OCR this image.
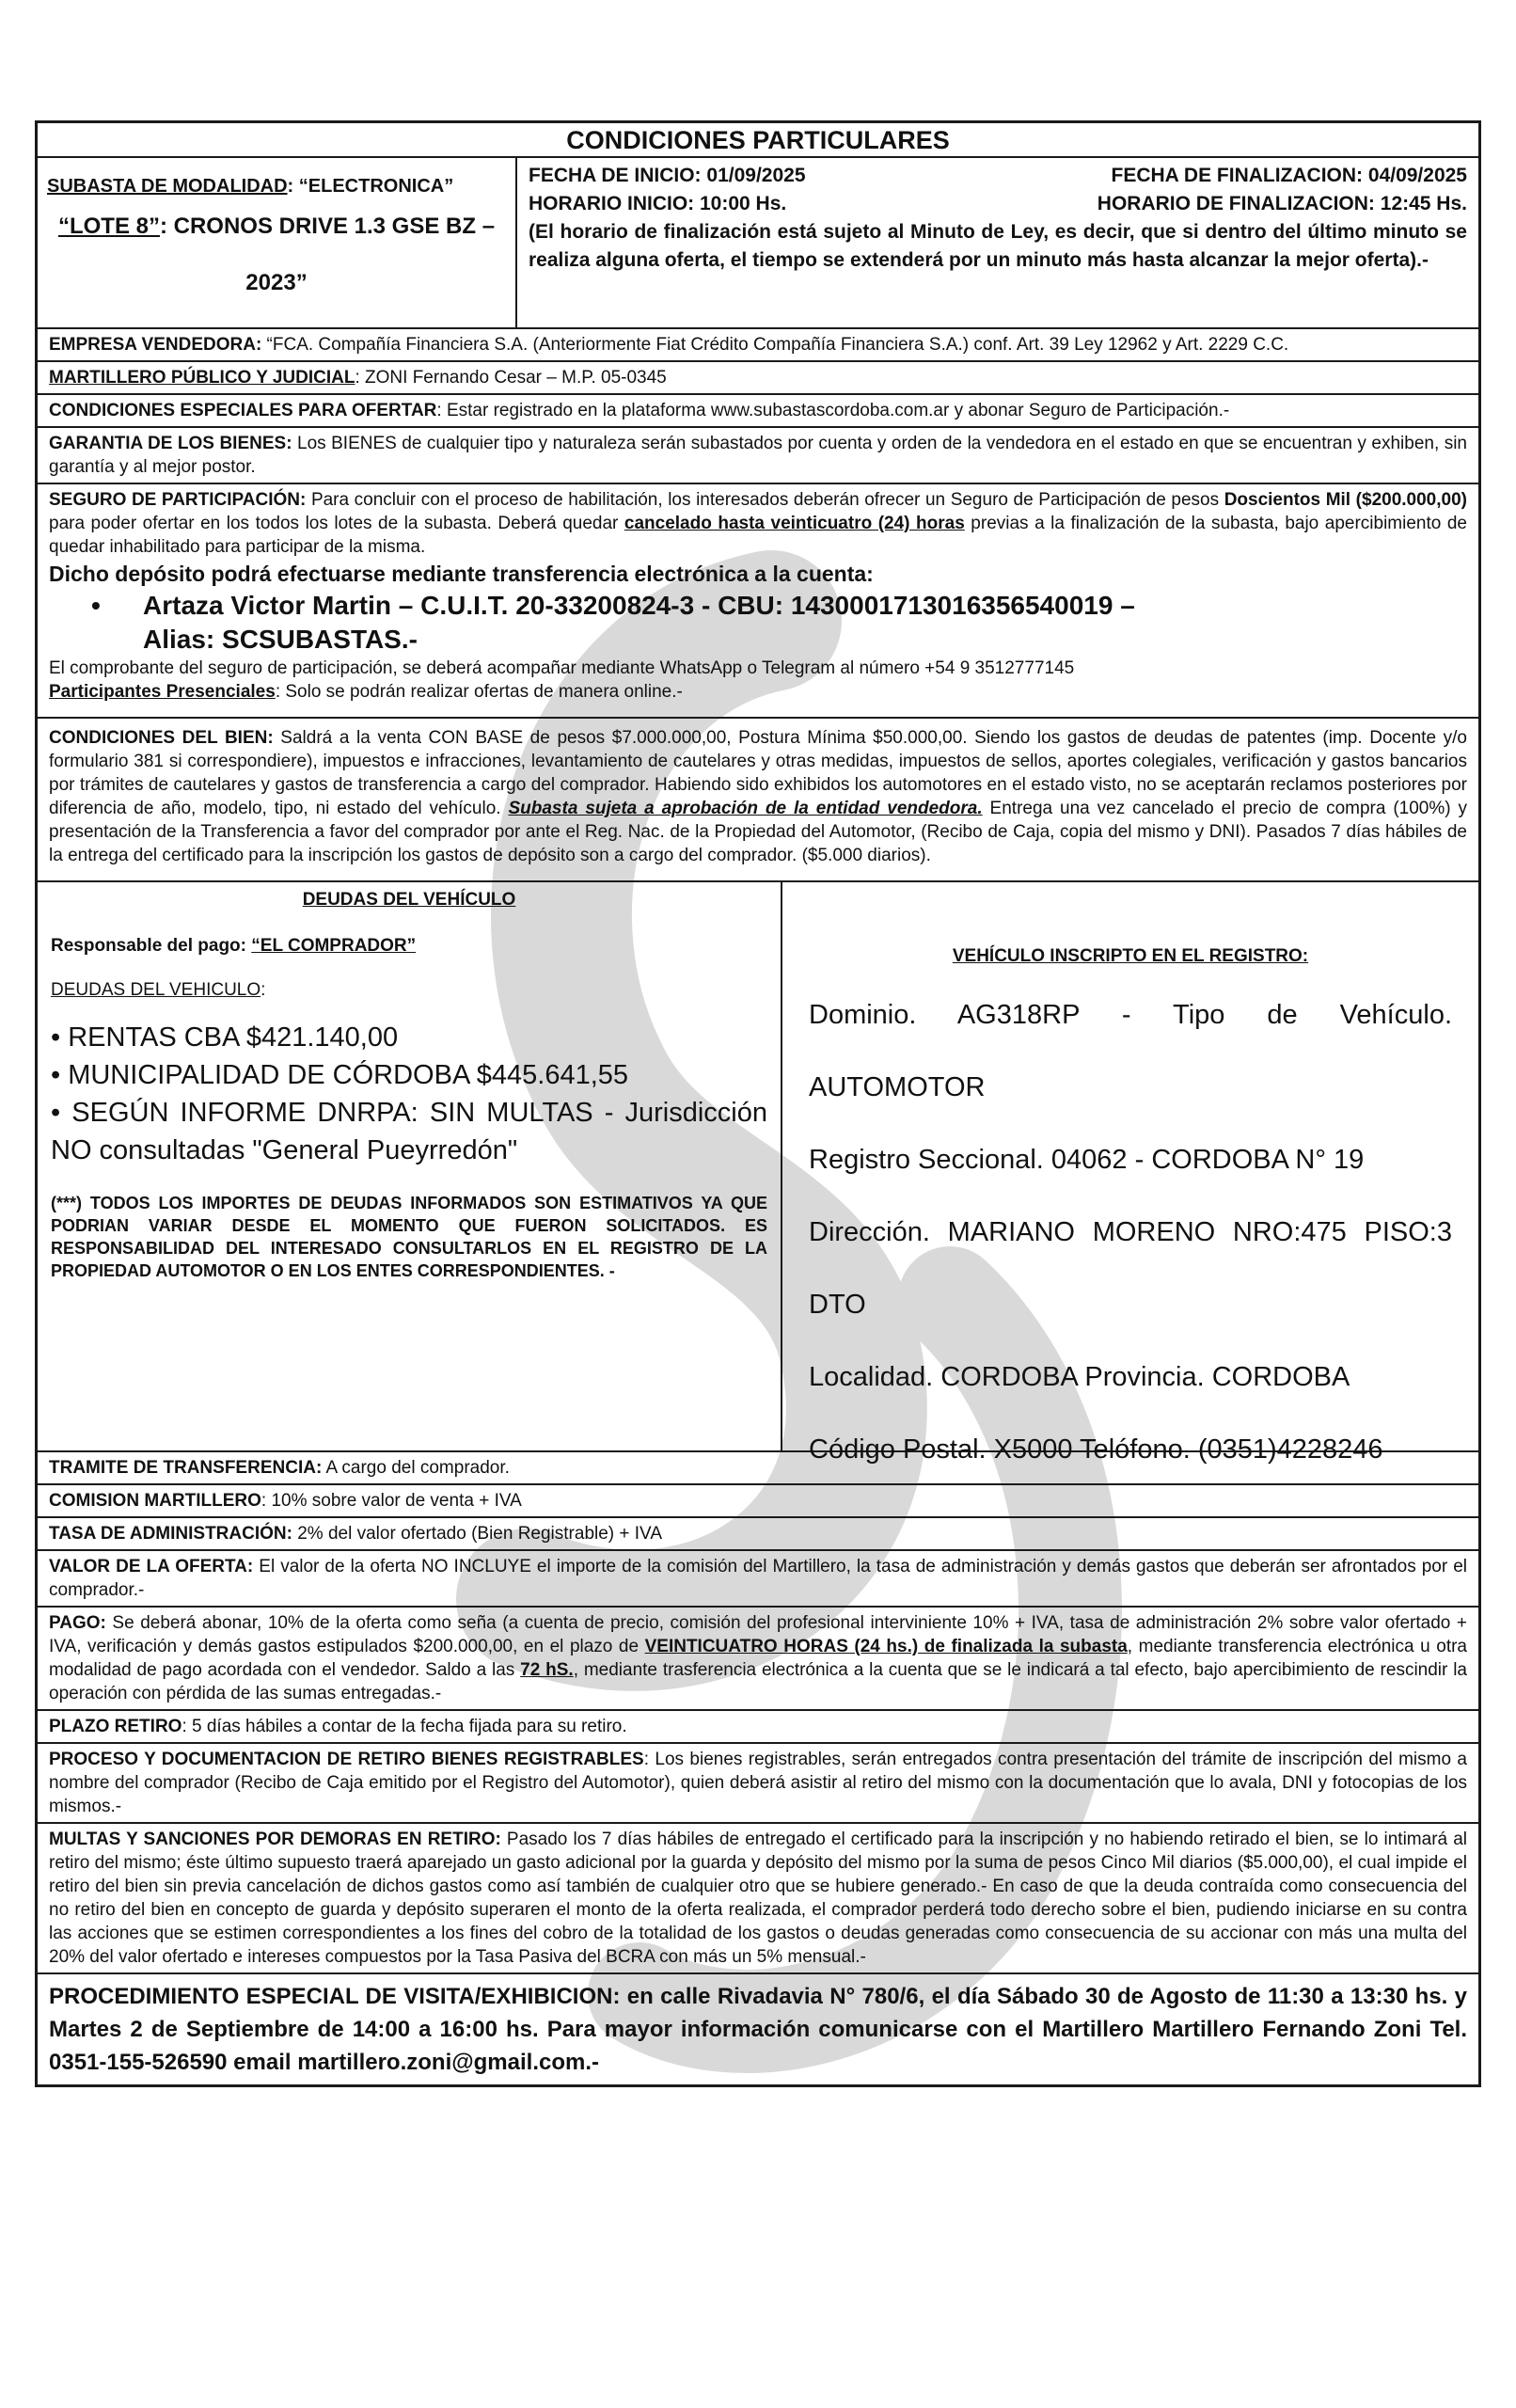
CONDICIONES PARTICULARES
SUBASTA DE MODALIDAD: “ELECTRONICA”
“LOTE 8”: CRONOS DRIVE 1.3 GSE BZ –
2023”
FECHA DE INICIO: 01/09/2025	FECHA DE FINALIZACION: 04/09/2025
HORARIO INICIO: 10:00 Hs.	HORARIO DE FINALIZACION: 12:45 Hs.
(El horario de finalización está sujeto al Minuto de Ley, es decir, que si dentro del último minuto se realiza alguna oferta, el tiempo se extenderá por un minuto más hasta alcanzar la mejor oferta).-
EMPRESA VENDEDORA: “FCA. Compañía Financiera S.A. (Anteriormente Fiat Crédito Compañía Financiera S.A.) conf. Art. 39 Ley 12962 y Art. 2229 C.C.
MARTILLERO PÚBLICO Y JUDICIAL: ZONI Fernando Cesar – M.P. 05-0345
CONDICIONES ESPECIALES PARA OFERTAR: Estar registrado en la plataforma www.subastascordoba.com.ar y abonar Seguro de Participación.-
GARANTIA DE LOS BIENES: Los BIENES de cualquier tipo y naturaleza serán subastados por cuenta y orden de la vendedora en el estado en que se encuentran y exhiben, sin garantía y al mejor postor.
SEGURO DE PARTICIPACIÓN: Para concluir con el proceso de habilitación, los interesados deberán ofrecer un Seguro de Participación de pesos Doscientos Mil ($200.000,00) para poder ofertar en los todos los lotes de la subasta. Deberá quedar cancelado hasta veinticuatro (24) horas previas a la finalización de la subasta, bajo apercibimiento de quedar inhabilitado para participar de la misma.
Dicho depósito podrá efectuarse mediante transferencia electrónica a la cuenta:
•	Artaza Victor Martin – C.U.I.T. 20-33200824-3 - CBU: 1430001713016356540019 –
Alias: SCSUBASTAS.-
El comprobante del seguro de participación, se deberá acompañar mediante WhatsApp o Telegram al número +54 9 3512777145
Participantes Presenciales: Solo se podrán realizar ofertas de manera online.-
CONDICIONES DEL BIEN: Saldrá a la venta CON BASE de pesos $7.000.000,00, Postura Mínima $50.000,00. Siendo los gastos de deudas de patentes (imp. Docente y/o formulario 381 si correspondiere), impuestos e infracciones, levantamiento de cautelares y otras medidas, impuestos de sellos, aportes colegiales, verificación y gastos bancarios por trámites de cautelares y gastos de transferencia a cargo del comprador. Habiendo sido exhibidos los automotores en el estado visto, no se aceptarán reclamos posteriores por diferencia de año, modelo, tipo, ni estado del vehículo. Subasta sujeta a aprobación de la entidad vendedora. Entrega una vez cancelado el precio de compra (100%) y presentación de la Transferencia a favor del comprador por ante el Reg. Nac. de la Propiedad del Automotor, (Recibo de Caja, copia del mismo y DNI). Pasados 7 días hábiles de la entrega del certificado para la inscripción los gastos de depósito son a cargo del comprador. ($5.000 diarios).
DEUDAS DEL VEHÍCULO
Responsable del pago: “EL COMPRADOR”
DEUDAS DEL VEHICULO:
• RENTAS CBA $421.140,00
• MUNICIPALIDAD DE CÓRDOBA $445.641,55
• SEGÚN INFORME DNRPA: SIN MULTAS - Jurisdicción NO consultadas "General Pueyrredón"
(***) TODOS LOS IMPORTES DE DEUDAS INFORMADOS SON ESTIMATIVOS YA QUE PODRIAN VARIAR DESDE EL MOMENTO QUE FUERON SOLICITADOS. ES RESPONSABILIDAD DEL INTERESADO CONSULTARLOS EN EL REGISTRO DE LA PROPIEDAD AUTOMOTOR O EN LOS ENTES CORRESPONDIENTES. -
VEHÍCULO INSCRIPTO EN EL REGISTRO:
Dominio. AG318RP - Tipo de Vehículo. AUTOMOTOR
Registro Seccional. 04062 - CORDOBA N° 19
Dirección. MARIANO MORENO NRO:475 PISO:3 DTO
Localidad. CORDOBA Provincia. CORDOBA
Código Postal. X5000 Telófono. (0351)4228246
TRAMITE DE TRANSFERENCIA: A cargo del comprador.
COMISION MARTILLERO: 10% sobre valor de venta + IVA
TASA DE ADMINISTRACIÓN: 2% del valor ofertado (Bien Registrable) + IVA
VALOR DE LA OFERTA: El valor de la oferta NO INCLUYE el importe de la comisión del Martillero, la tasa de administración y demás gastos que deberán ser afrontados por el comprador.-
PAGO: Se deberá abonar, 10% de la oferta como seña (a cuenta de precio, comisión del profesional interviniente 10% + IVA, tasa de administración 2% sobre valor ofertado + IVA, verificación y demás gastos estipulados $200.000,00, en el plazo de VEINTICUATRO HORAS (24 hs.) de finalizada la subasta, mediante transferencia electrónica u otra modalidad de pago acordada con el vendedor. Saldo a las 72 hS., mediante trasferencia electrónica a la cuenta que se le indicará a tal efecto, bajo apercibimiento de rescindir la operación con pérdida de las sumas entregadas.-
PLAZO RETIRO: 5 días hábiles a contar de la fecha fijada para su retiro.
PROCESO Y DOCUMENTACION DE RETIRO BIENES REGISTRABLES: Los bienes registrables, serán entregados contra presentación del trámite de inscripción del mismo a nombre del comprador (Recibo de Caja emitido por el Registro del Automotor), quien deberá asistir al retiro del mismo con la documentación que lo avala, DNI y fotocopias de los mismos.-
MULTAS Y SANCIONES POR DEMORAS EN RETIRO: Pasado los 7 días hábiles de entregado el certificado para la inscripción y no habiendo retirado el bien, se lo intimará al retiro del mismo; éste último supuesto traerá aparejado un gasto adicional por la guarda y depósito del mismo por la suma de pesos Cinco Mil diarios ($5.000,00), el cual impide el retiro del bien sin previa cancelación de dichos gastos como así también de cualquier otro que se hubiere generado.- En caso de que la deuda contraída como consecuencia del no retiro del bien en concepto de guarda y depósito superaren el monto de la oferta realizada, el comprador perderá todo derecho sobre el bien, pudiendo iniciarse en su contra las acciones que se estimen correspondientes a los fines del cobro de la totalidad de los gastos o deudas generadas como consecuencia de su accionar con más una multa del 20% del valor ofertado e intereses compuestos por la Tasa Pasiva del BCRA con más un 5% mensual.-
PROCEDIMIENTO ESPECIAL DE VISITA/EXHIBICION: en calle Rivadavia N° 780/6, el día Sábado 30 de Agosto de 11:30 a 13:30 hs. y Martes 2 de Septiembre de 14:00 a 16:00 hs. Para mayor información comunicarse con el Martillero Martillero Fernando Zoni Tel. 0351-155-526590 email martillero.zoni@gmail.com.-
